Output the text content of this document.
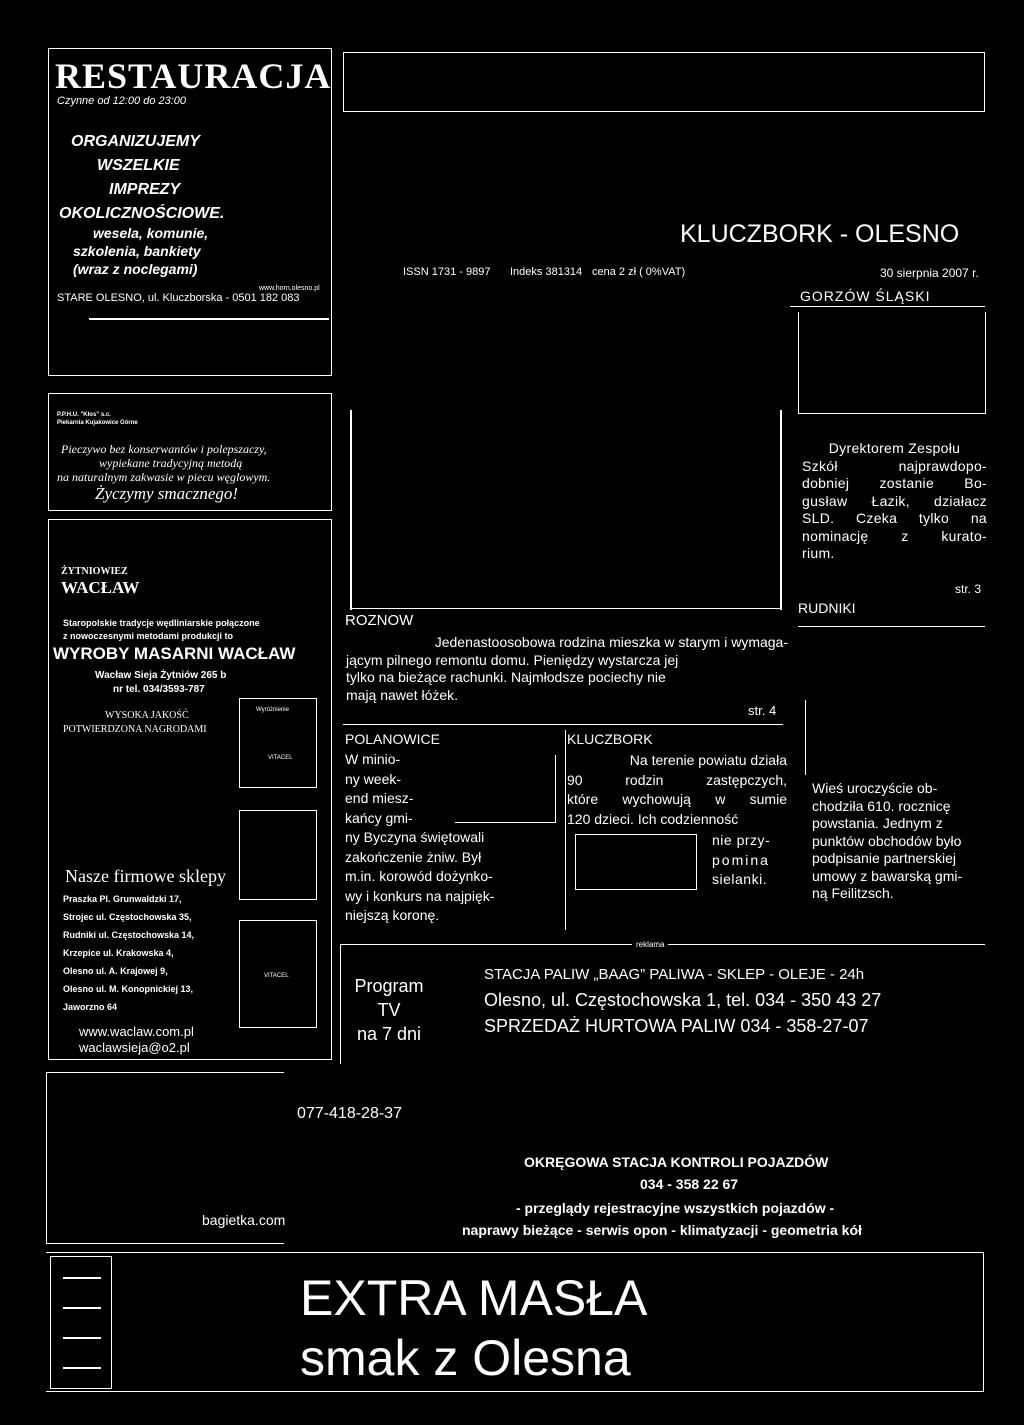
RESTAURACJA
Czynne od 12:00 do 23:00
ORGANIZUJEMY
WSZELKIE
IMPREZY
OKOLICZNOŚCIOWE.
wesela, komunie,
szkolenia, bankiety
(wraz z noclegami)
www.horn.olesno.pl
STARE OLESNO, ul. Kluczborska - 0501 182 083
ISSN 1731 - 9897 Indeks 381314 cena 2 zł ( 0%VAT)
KLUCZBORK - OLESNO
30 sierpnia 2007 r.
P.P.H.U. "Kłos" s.c.
Piekarnia Kujakowice Górne
Pieczywo bez konserwantów i polepszaczy,
wypiekane tradycyjną metodą
na naturalnym zakwasie w piecu węglowym.
Życzymy smacznego!
ŻYTNIOWIEZ
WACŁAW
Staropolskie tradycje wędliniarskie połączone
z nowoczesnymi metodami produkcji to
WYROBY MASARNI WACŁAW
Wacław Sieja Żytniów 265 b
nr tel. 034/3593-787
WYSOKA JAKOŚĆ
POTWIERDZONA NAGRODAMI
Wyróżnienie
VITACEL
VITACEL
Nasze firmowe sklepy
Praszka Pl. Grunwaldzki 17,
Strojec ul. Częstochowska 35,
Rudniki ul. Częstochowska 14,
Krzepice ul. Krakowska 4,
Olesno ul. A. Krajowej 9,
Olesno ul. M. Konopnickiej 13,
Jaworzno 64
www.waclaw.com.pl
waclawsieja@o2.pl
GORZÓW ŚLĄSKI
Dyrektorem Zespołu
Szkół najprawdopo-
dobniej zostanie Bo-
gusław Łazik, działacz
SLD. Czeka tylko na
nominację z kurato-
rium.
str. 3
RUDNIKI
Wieś uroczyście ob-
chodziła 610. rocznicę
powstania. Jednym z
punktów obchodów było
podpisanie partnerskiej
umowy z bawarską gmi-
ną Feilitzsch.
ROZNOW
Jedenastoosobowa rodzina mieszka w starym i wymaga-
jącym pilnego remontu domu. Pieniędzy wystarcza jej
tylko na bieżące rachunki. Najmłodsze pociechy nie
mają nawet łóżek.
str. 4
POLANOWICE
W minio-
ny week-
end miesz-
kańcy gmi-
ny Byczyna świętowali
zakończenie żniw. Był
m.in. korowód dożynko-
wy i konkurs na najpięk-
niejszą koronę.
KLUCZBORK
Na terenie powiatu działa
90 rodzin zastępczych,
które wychowują w sumie
120 dzieci. Ich codzienność
nie przy-
pomina
sielanki.
reklama
Program
TV
na 7 dni
STACJA PALIW „BAAG” PALIWA - SKLEP - OLEJE - 24h
Olesno, ul. Częstochowska 1, tel. 034 - 350 43 27
SPRZEDAŻ HURTOWA PALIW 034 - 358-27-07
077-418-28-37
bagietka.com
OKRĘGOWA STACJA KONTROLI POJAZDÓW
034 - 358 22 67
- przeglądy rejestracyjne wszystkich pojazdów -
naprawy bieżące - serwis opon - klimatyzacji - geometria kół
EXTRA MASŁA
smak z Olesna
